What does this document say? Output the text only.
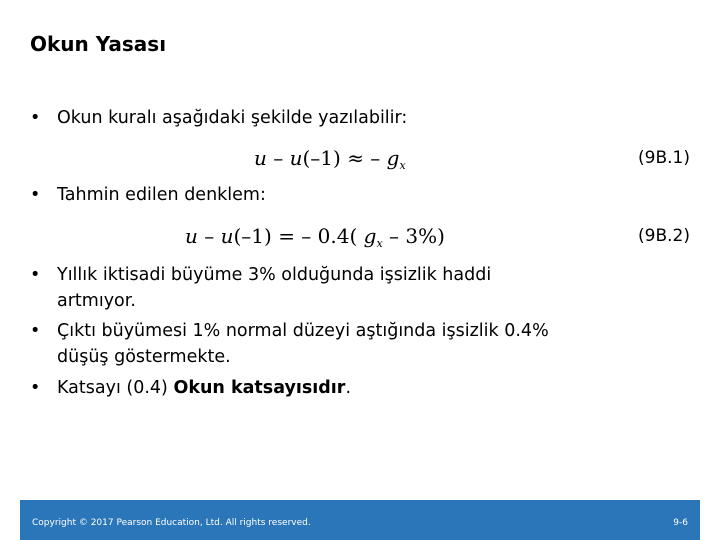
Okun Yasası
• Okun kuralı aşağıdaki şekilde yazılabilir:
u – u(–1) ≈ – $g_x$	(9B.1)
• Tahmin edilen denklem:
u – u(–1) = – 0.4( $g_x - 3\%$)	(9B.2)
• Yıllık iktisadi büyüme 3% olduğunda işsizlik haddi
artmıyor.
• Çıktı büyümesi 1% normal düzeyi aştığında işsizlik 0.4%
düşüş göstermekte.
• Katsayı (0.4) Okun katsayısıdır.
Copyright © 2017 Pearson Education, Ltd. All rights reserved.	9-6
